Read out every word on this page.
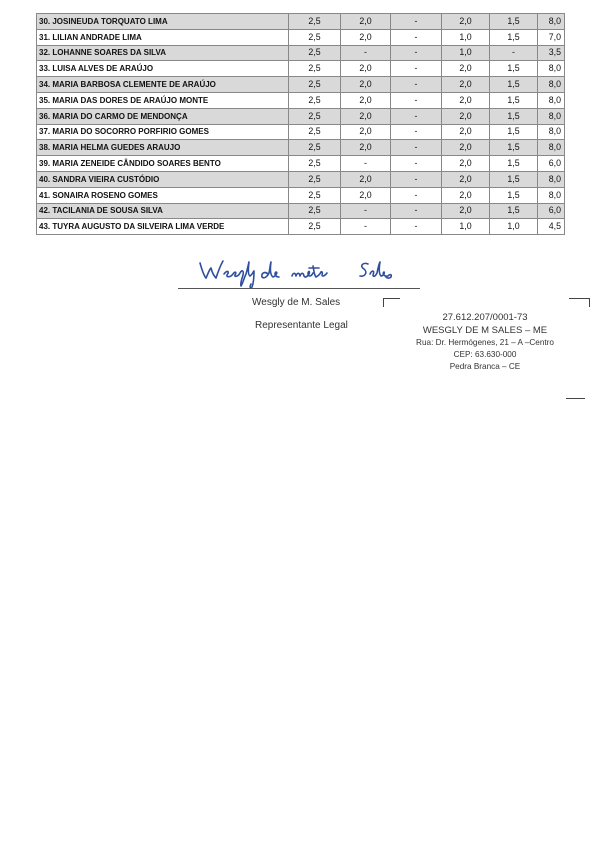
30. JOSINEUDA TORQUATO LIMA	2,5	2,0	-	2,0	1,5	8,0
31. LILIAN ANDRADE LIMA	2,5	2,0	-	1,0	1,5	7,0
32. LOHANNE SOARES DA SILVA	2,5	-	-	1,0	-	3,5
33. LUISA ALVES DE ARAÚJO	2,5	2,0	-	2,0	1,5	8,0
34. MARIA BARBOSA CLEMENTE DE ARAÚJO	2,5	2,0	-	2,0	1,5	8,0
35. MARIA DAS DORES DE ARAÚJO MONTE	2,5	2,0	-	2,0	1,5	8,0
36. MARIA DO CARMO DE MENDONÇA	2,5	2,0	-	2,0	1,5	8,0
37. MARIA DO SOCORRO PORFIRIO GOMES	2,5	2,0	-	2,0	1,5	8,0
38. MARIA HELMA GUEDES ARAUJO	2,5	2,0	-	2,0	1,5	8,0
39. MARIA ZENEIDE CÂNDIDO SOARES BENTO	2,5	-	-	2,0	1,5	6,0
40. SANDRA VIEIRA CUSTÓDIO	2,5	2,0	-	2,0	1,5	8,0
41. SONAIRA ROSENO GOMES	2,5	2,0	-	2,0	1,5	8,0
42. TACILANIA DE SOUSA SILVA	2,5	-	-	2,0	1,5	6,0
43. TUYRA AUGUSTO DA SILVEIRA LIMA VERDE	2,5	-	-	1,0	1,0	4,5
Wesgly de M. Sales
Representante Legal
27.612.207/0001-73
WESGLY DE M SALES – ME
Rua: Dr. Hermógenes, 21 – A –Centro
CEP: 63.630-000
Pedra Branca – CE
